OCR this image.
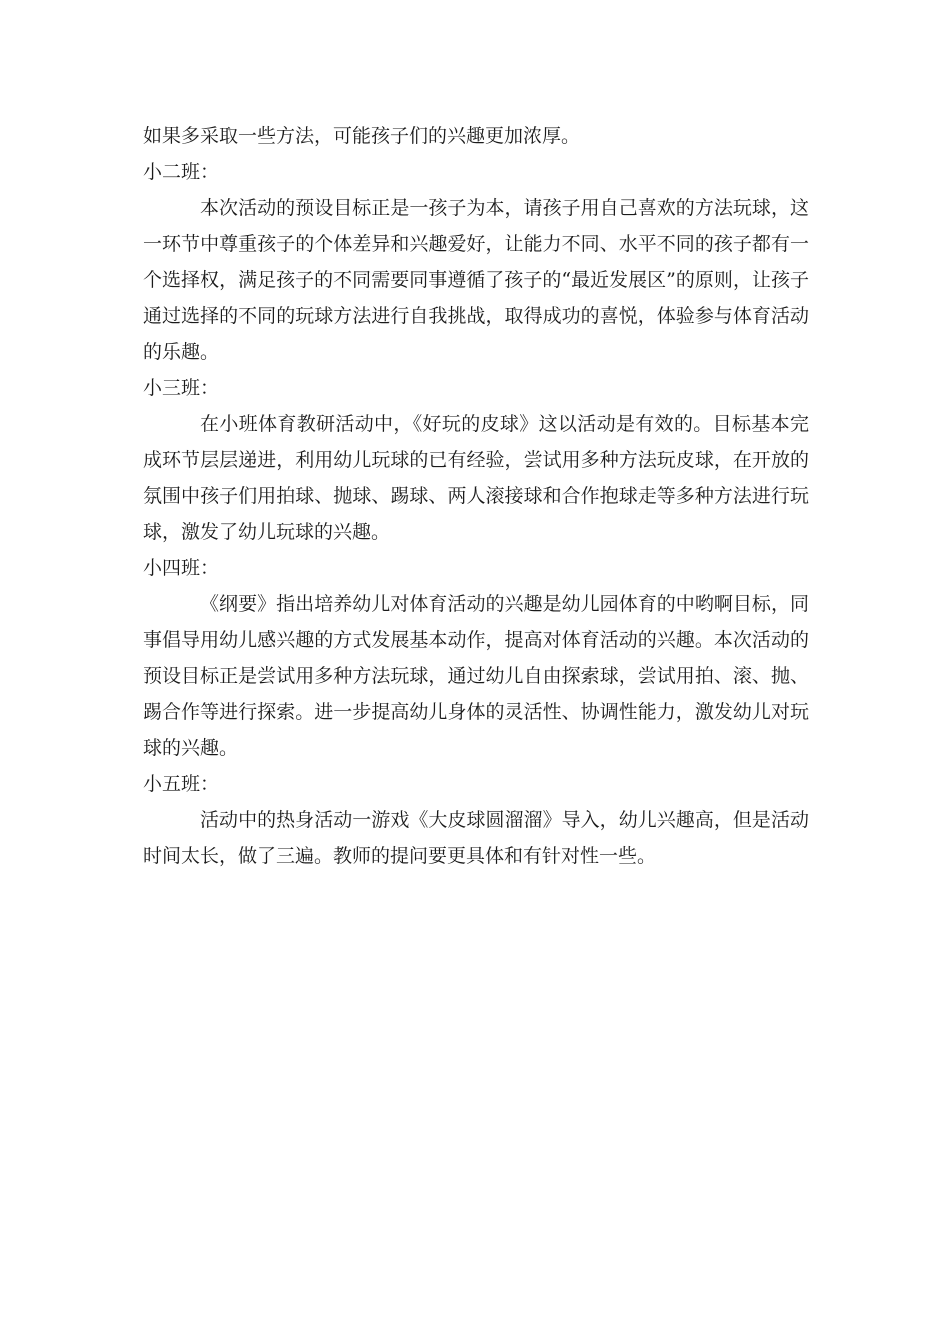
如果多采取一些方法，可能孩子们的兴趣更加浓厚。

小二班：

本次活动的预设目标正是一孩子为本，请孩子用自己喜欢的方法玩球，这一环节中尊重孩子的个体差异和兴趣爱好，让能力不同、水平不同的孩子都有一个选择权，满足孩子的不同需要同事遵循了孩子的“最近发展区”的原则，让孩子通过选择的不同的玩球方法进行自我挑战，取得成功的喜悦，体验参与体育活动的乐趣。

小三班：

在小班体育教研活动中，《好玩的皮球》这以活动是有效的。目标基本完成环节层层递进，利用幼儿玩球的已有经验，尝试用多种方法玩皮球，在开放的氛围中孩子们用拍球、抛球、踢球、两人滚接球和合作抱球走等多种方法进行玩球，激发了幼儿玩球的兴趣。

小四班：

《纲要》指出培养幼儿对体育活动的兴趣是幼儿园体育的中哟啊目标，同事倡导用幼儿感兴趣的方式发展基本动作，提高对体育活动的兴趣。本次活动的预设目标正是尝试用多种方法玩球，通过幼儿自由探索球，尝试用拍、滚、抛、踢合作等进行探索。进一步提高幼儿身体的灵活性、协调性能力，激发幼儿对玩球的兴趣。

小五班：

活动中的热身活动一游戏《大皮球圆溜溜》导入，幼儿兴趣高，但是活动时间太长，做了三遍。教师的提问要更具体和有针对性一些。
